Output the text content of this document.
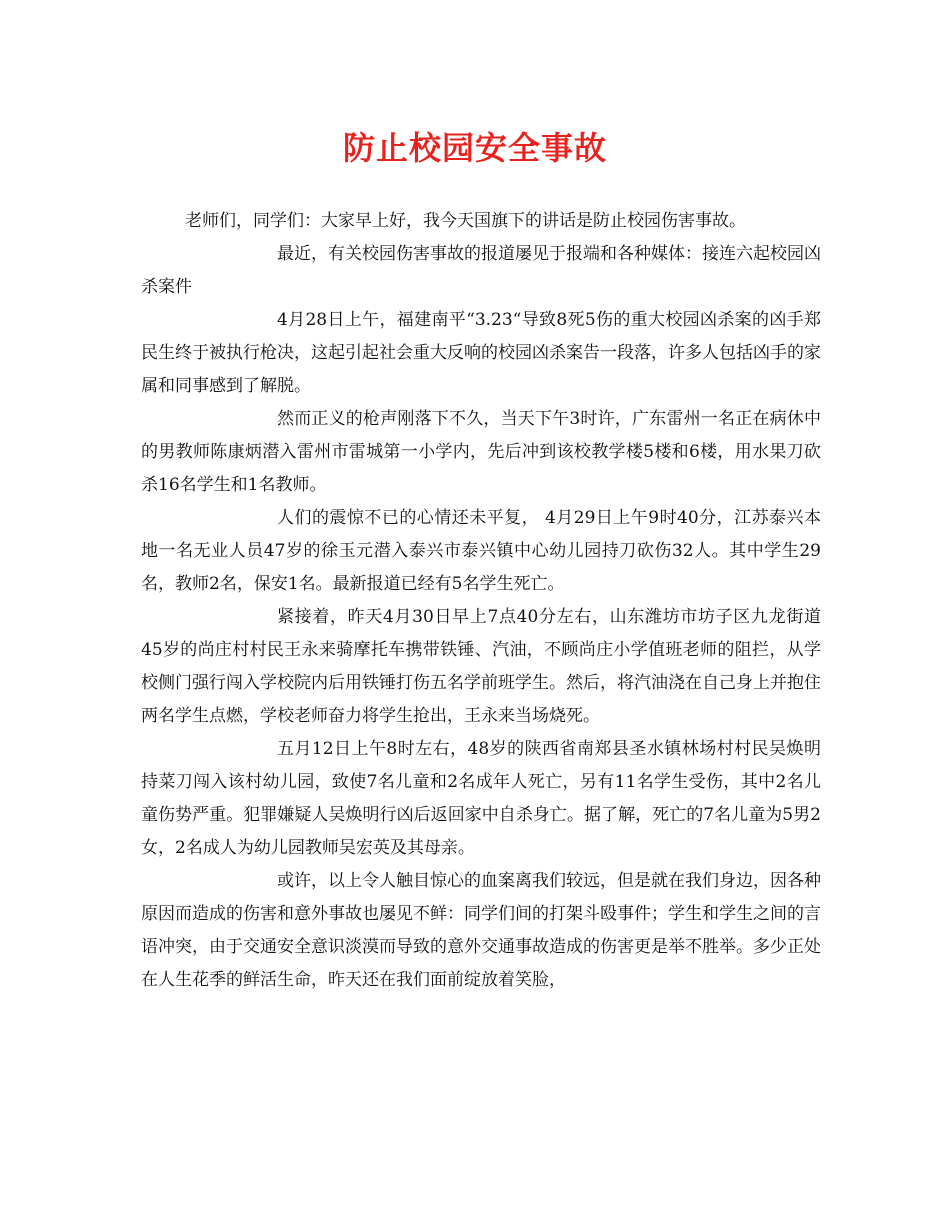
防止校园安全事故

老师们，同学们：大家早上好，我今天国旗下的讲话是防止校园伤害事故。

最近，有关校园伤害事故的报道屡见于报端和各种媒体：接连六起校园凶杀案件

4月28日上午，福建南平“3.23“导致8死5伤的重大校园凶杀案的凶手郑民生终于被执行枪决，这起引起社会重大反响的校园凶杀案告一段落，许多人包括凶手的家属和同事感到了解脱。

然而正义的枪声刚落下不久，当天下午3时许，广东雷州一名正在病休中的男教师陈康炳潜入雷州市雷城第一小学内，先后冲到该校教学楼5楼和6楼，用水果刀砍杀16名学生和1名教师。

人们的震惊不已的心情还未平复， 4月29日上午9时40分，江苏泰兴本地一名无业人员47岁的徐玉元潜入泰兴市泰兴镇中心幼儿园持刀砍伤32人。其中学生29名，教师2名，保安1名。最新报道已经有5名学生死亡。

紧接着，昨天4月30日早上7点40分左右，山东潍坊市坊子区九龙街道45岁的尚庄村村民王永来骑摩托车携带铁锤、汽油，不顾尚庄小学值班老师的阻拦，从学校侧门强行闯入学校院内后用铁锤打伤五名学前班学生。然后，将汽油浇在自己身上并抱住两名学生点燃，学校老师奋力将学生抢出，王永来当场烧死。

五月12日上午8时左右，48岁的陕西省南郑县圣水镇林场村村民吴焕明持菜刀闯入该村幼儿园，致使7名儿童和2名成年人死亡，另有11名学生受伤，其中2名儿童伤势严重。犯罪嫌疑人吴焕明行凶后返回家中自杀身亡。据了解，死亡的7名儿童为5男2女，2名成人为幼儿园教师吴宏英及其母亲。

或许，以上令人触目惊心的血案离我们较远，但是就在我们身边，因各种原因而造成的伤害和意外事故也屡见不鲜：同学们间的打架斗殴事件；学生和学生之间的言语冲突，由于交通安全意识淡漠而导致的意外交通事故造成的伤害更是举不胜举。多少正处在人生花季的鲜活生命，昨天还在我们面前绽放着笑脸，
